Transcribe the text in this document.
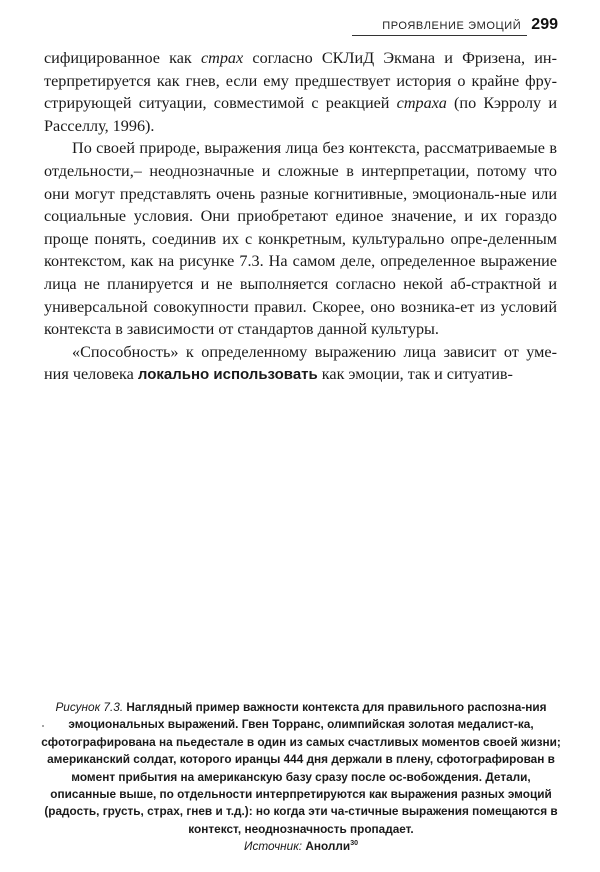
ПРОЯВЛЕНИЕ ЭМОЦИЙ 299

сифицированное как страх согласно СКЛиД Экмана и Фризена, ин-терпретируется как гнев, если ему предшествует история о крайне фру-стрирующей ситуации, совместимой с реакцией страха (по Кэрролу и Расселлу, 1996).

По своей природе, выражения лица без контекста, рассматриваемые в отдельности,– неоднозначные и сложные в интерпретации, потому что они могут представлять очень разные когнитивные, эмоциональ-ные или социальные условия. Они приобретают единое значение, и их гораздо проще понять, соединив их с конкретным, культурально опре-деленным контекстом, как на рисунке 7.3. На самом деле, определенное выражение лица не планируется и не выполняется согласно некой аб-страктной и универсальной совокупности правил. Скорее, оно возника-ет из условий контекста в зависимости от стандартов данной культуры.

«Способность» к определенному выражению лица зависит от уме-ния человека локально использовать как эмоции, так и ситуатив-

Рисунок 7.3. Наглядный пример важности контекста для правильного распозна-ния эмоциональных выражений. Гвен Торранс, олимпийская золотая медалист-ка, сфотографирована на пьедестале в один из самых счастливых моментов своей жизни; американский солдат, которого иранцы 444 дня держали в плену, сфотографирован в момент прибытия на американскую базу сразу после ос-вобождения. Детали, описанные выше, по отдельности интерпретируются как выражения разных эмоций (радость, грусть, страх, гнев и т.д.): но когда эти ча-стичные выражения помещаются в контекст, неоднозначность пропадает.
Источник: Анолли$^{30}$
